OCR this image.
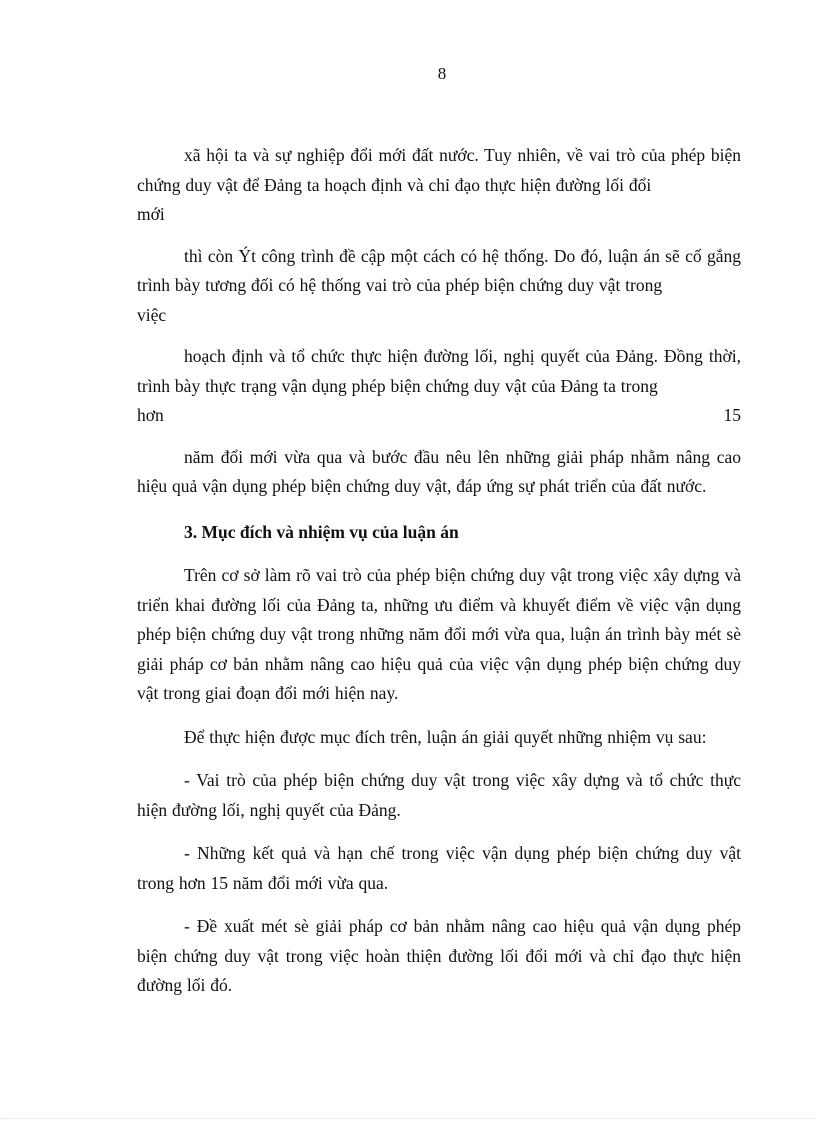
8

xã hội ta và sự nghiệp đổi mới đất nước. Tuy nhiên, về vai trò của phép biện chứng duy vật để Đảng ta hoạch định và chỉ đạo thực hiện đường lối đổi

mới

thì còn Ýt công trình đề cập một cách có hệ thống. Do đó, luận án sẽ cố gắng trình bày tương đối có hệ thống vai trò của phép biện chứng duy vật trong

việc

hoạch định và tổ chức thực hiện đường lối, nghị quyết của Đảng. Đồng thời, trình bày thực trạng vận dụng phép biện chứng duy vật của Đảng ta trong

hơn 15

năm đổi mới vừa qua và bước đầu nêu lên những giải pháp nhằm nâng cao hiệu quả vận dụng phép biện chứng duy vật, đáp ứng sự phát triển của đất nước.

3. Mục đích và nhiệm vụ của luận án

Trên cơ sở làm rõ vai trò của phép biện chứng duy vật trong việc xây dựng và triển khai đường lối của Đảng ta, những ưu điểm và khuyết điểm về việc vận dụng phép biện chứng duy vật trong những năm đổi mới vừa qua, luận án trình bày mét sè giải pháp cơ bản nhằm nâng cao hiệu quả của việc vận dụng phép biện chứng duy vật trong giai đoạn đổi mới hiện nay.

Để thực hiện được mục đích trên, luận án giải quyết những nhiệm vụ sau:

- Vai trò của phép biện chứng duy vật trong việc xây dựng và tổ chức thực hiện đường lối, nghị quyết của Đảng.

- Những kết quả và hạn chế trong việc vận dụng phép biện chứng duy vật trong hơn 15 năm đổi mới vừa qua.

- Đề xuất mét sè giải pháp cơ bản nhằm nâng cao hiệu quả vận dụng phép biện chứng duy vật trong việc hoàn thiện đường lối đổi mới và chỉ đạo thực hiện đường lối đó.
